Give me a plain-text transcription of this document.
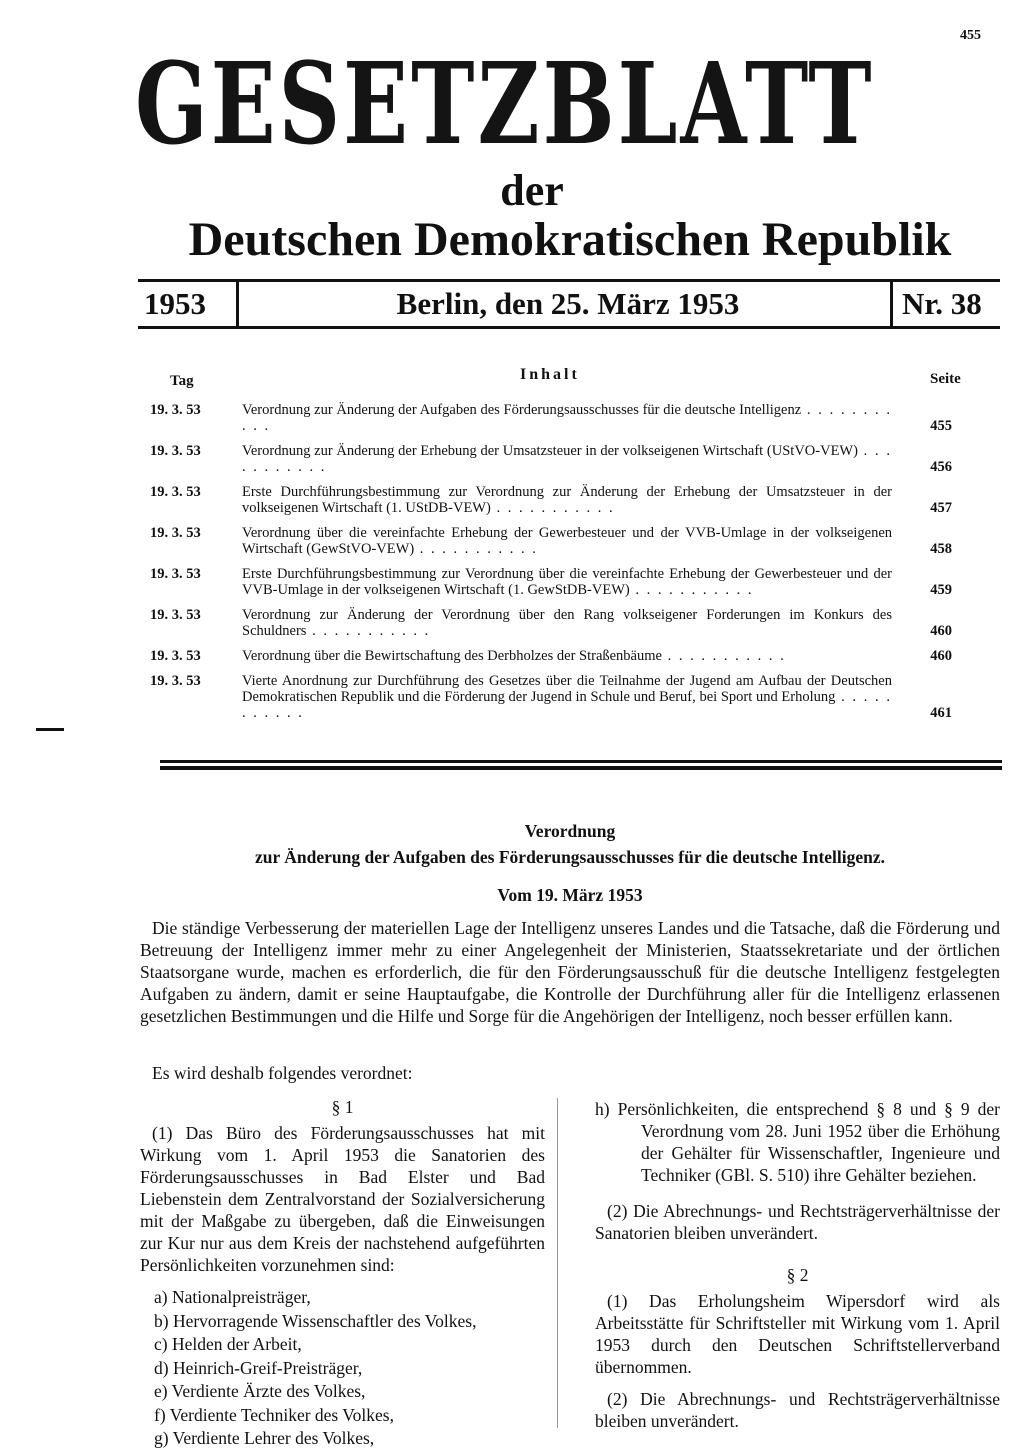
455
GESETZBLATT
der
Deutschen Demokratischen Republik
1953	Berlin, den 25. März 1953	Nr. 38
Tag	Inhalt	Seite
19. 3. 53	Verordnung zur Änderung der Aufgaben des Förderungsausschusses für die deutsche Intelligenz . . . . . . . . . . .	455
19. 3. 53	Verordnung zur Änderung der Erhebung der Umsatzsteuer in der volkseigenen Wirtschaft (UStVO-VEW) . . . . . . . . . . .	456
19. 3. 53	Erste Durchführungsbestimmung zur Verordnung zur Änderung der Erhebung der Umsatzsteuer in der volkseigenen Wirtschaft (1. UStDB-VEW) . . . . . . . . . . .	457
19. 3. 53	Verordnung über die vereinfachte Erhebung der Gewerbesteuer und der VVB-Umlage in der volkseigenen Wirtschaft (GewStVO-VEW) . . . . . . . . . . .	458
19. 3. 53	Erste Durchführungsbestimmung zur Verordnung über die vereinfachte Erhebung der Gewerbesteuer und der VVB-Umlage in der volkseigenen Wirtschaft (1. GewStDB-VEW) . . . . . . . . . . .	459
19. 3. 53	Verordnung zur Änderung der Verordnung über den Rang volkseigener Forderungen im Konkurs des Schuldners . . . . . . . . . . .	460
19. 3. 53	Verordnung über die Bewirtschaftung des Derbholzes der Straßenbäume . . . . . . . . . . .	460
19. 3. 53	Vierte Anordnung zur Durchführung des Gesetzes über die Teilnahme der Jugend am Aufbau der Deutschen Demokratischen Republik und die Förderung der Jugend in Schule und Beruf, bei Sport und Erholung . . . . . . . . . . .	461
Verordnung
zur Änderung der Aufgaben des Förderungsausschusses für die deutsche Intelligenz.
Vom 19. März 1953

Die ständige Verbesserung der materiellen Lage der Intelligenz unseres Landes und die Tatsache, daß die Förderung und Betreuung der Intelligenz immer mehr zu einer Angelegenheit der Ministerien, Staatssekretariate und der örtlichen Staatsorgane wurde, machen es erforderlich, die für den Förderungsausschuß für die deutsche Intelligenz festgelegten Aufgaben zu ändern, damit er seine Hauptaufgabe, die Kontrolle der Durchführung aller für die Intelligenz erlassenen gesetzlichen Bestimmungen und die Hilfe und Sorge für die Angehörigen der Intelligenz, noch besser erfüllen kann.

Es wird deshalb folgendes verordnet:

§ 1

(1) Das Büro des Förderungsausschusses hat mit Wirkung vom 1. April 1953 die Sanatorien des Förderungsausschusses in Bad Elster und Bad Liebenstein dem Zentralvorstand der Sozialversicherung mit der Maßgabe zu übergeben, daß die Einweisungen zur Kur nur aus dem Kreis der nachstehend aufgeführten Persönlichkeiten vorzunehmen sind:

a) Nationalpreisträger,
b) Hervorragende Wissenschaftler des Volkes,
c) Helden der Arbeit,
d) Heinrich-Greif-Preisträger,
e) Verdiente Ärzte des Volkes,
f) Verdiente Techniker des Volkes,
g) Verdiente Lehrer des Volkes,

h) Persönlichkeiten, die entsprechend § 8 und § 9 der Verordnung vom 28. Juni 1952 über die Erhöhung der Gehälter für Wissenschaftler, Ingenieure und Techniker (GBl. S. 510) ihre Gehälter beziehen.

(2) Die Abrechnungs- und Rechtsträgerverhältnisse der Sanatorien bleiben unverändert.

§ 2

(1) Das Erholungsheim Wipersdorf wird als Arbeitsstätte für Schriftsteller mit Wirkung vom 1. April 1953 durch den Deutschen Schriftstellerverband übernommen.

(2) Die Abrechnungs- und Rechtsträgerverhältnisse bleiben unverändert.
